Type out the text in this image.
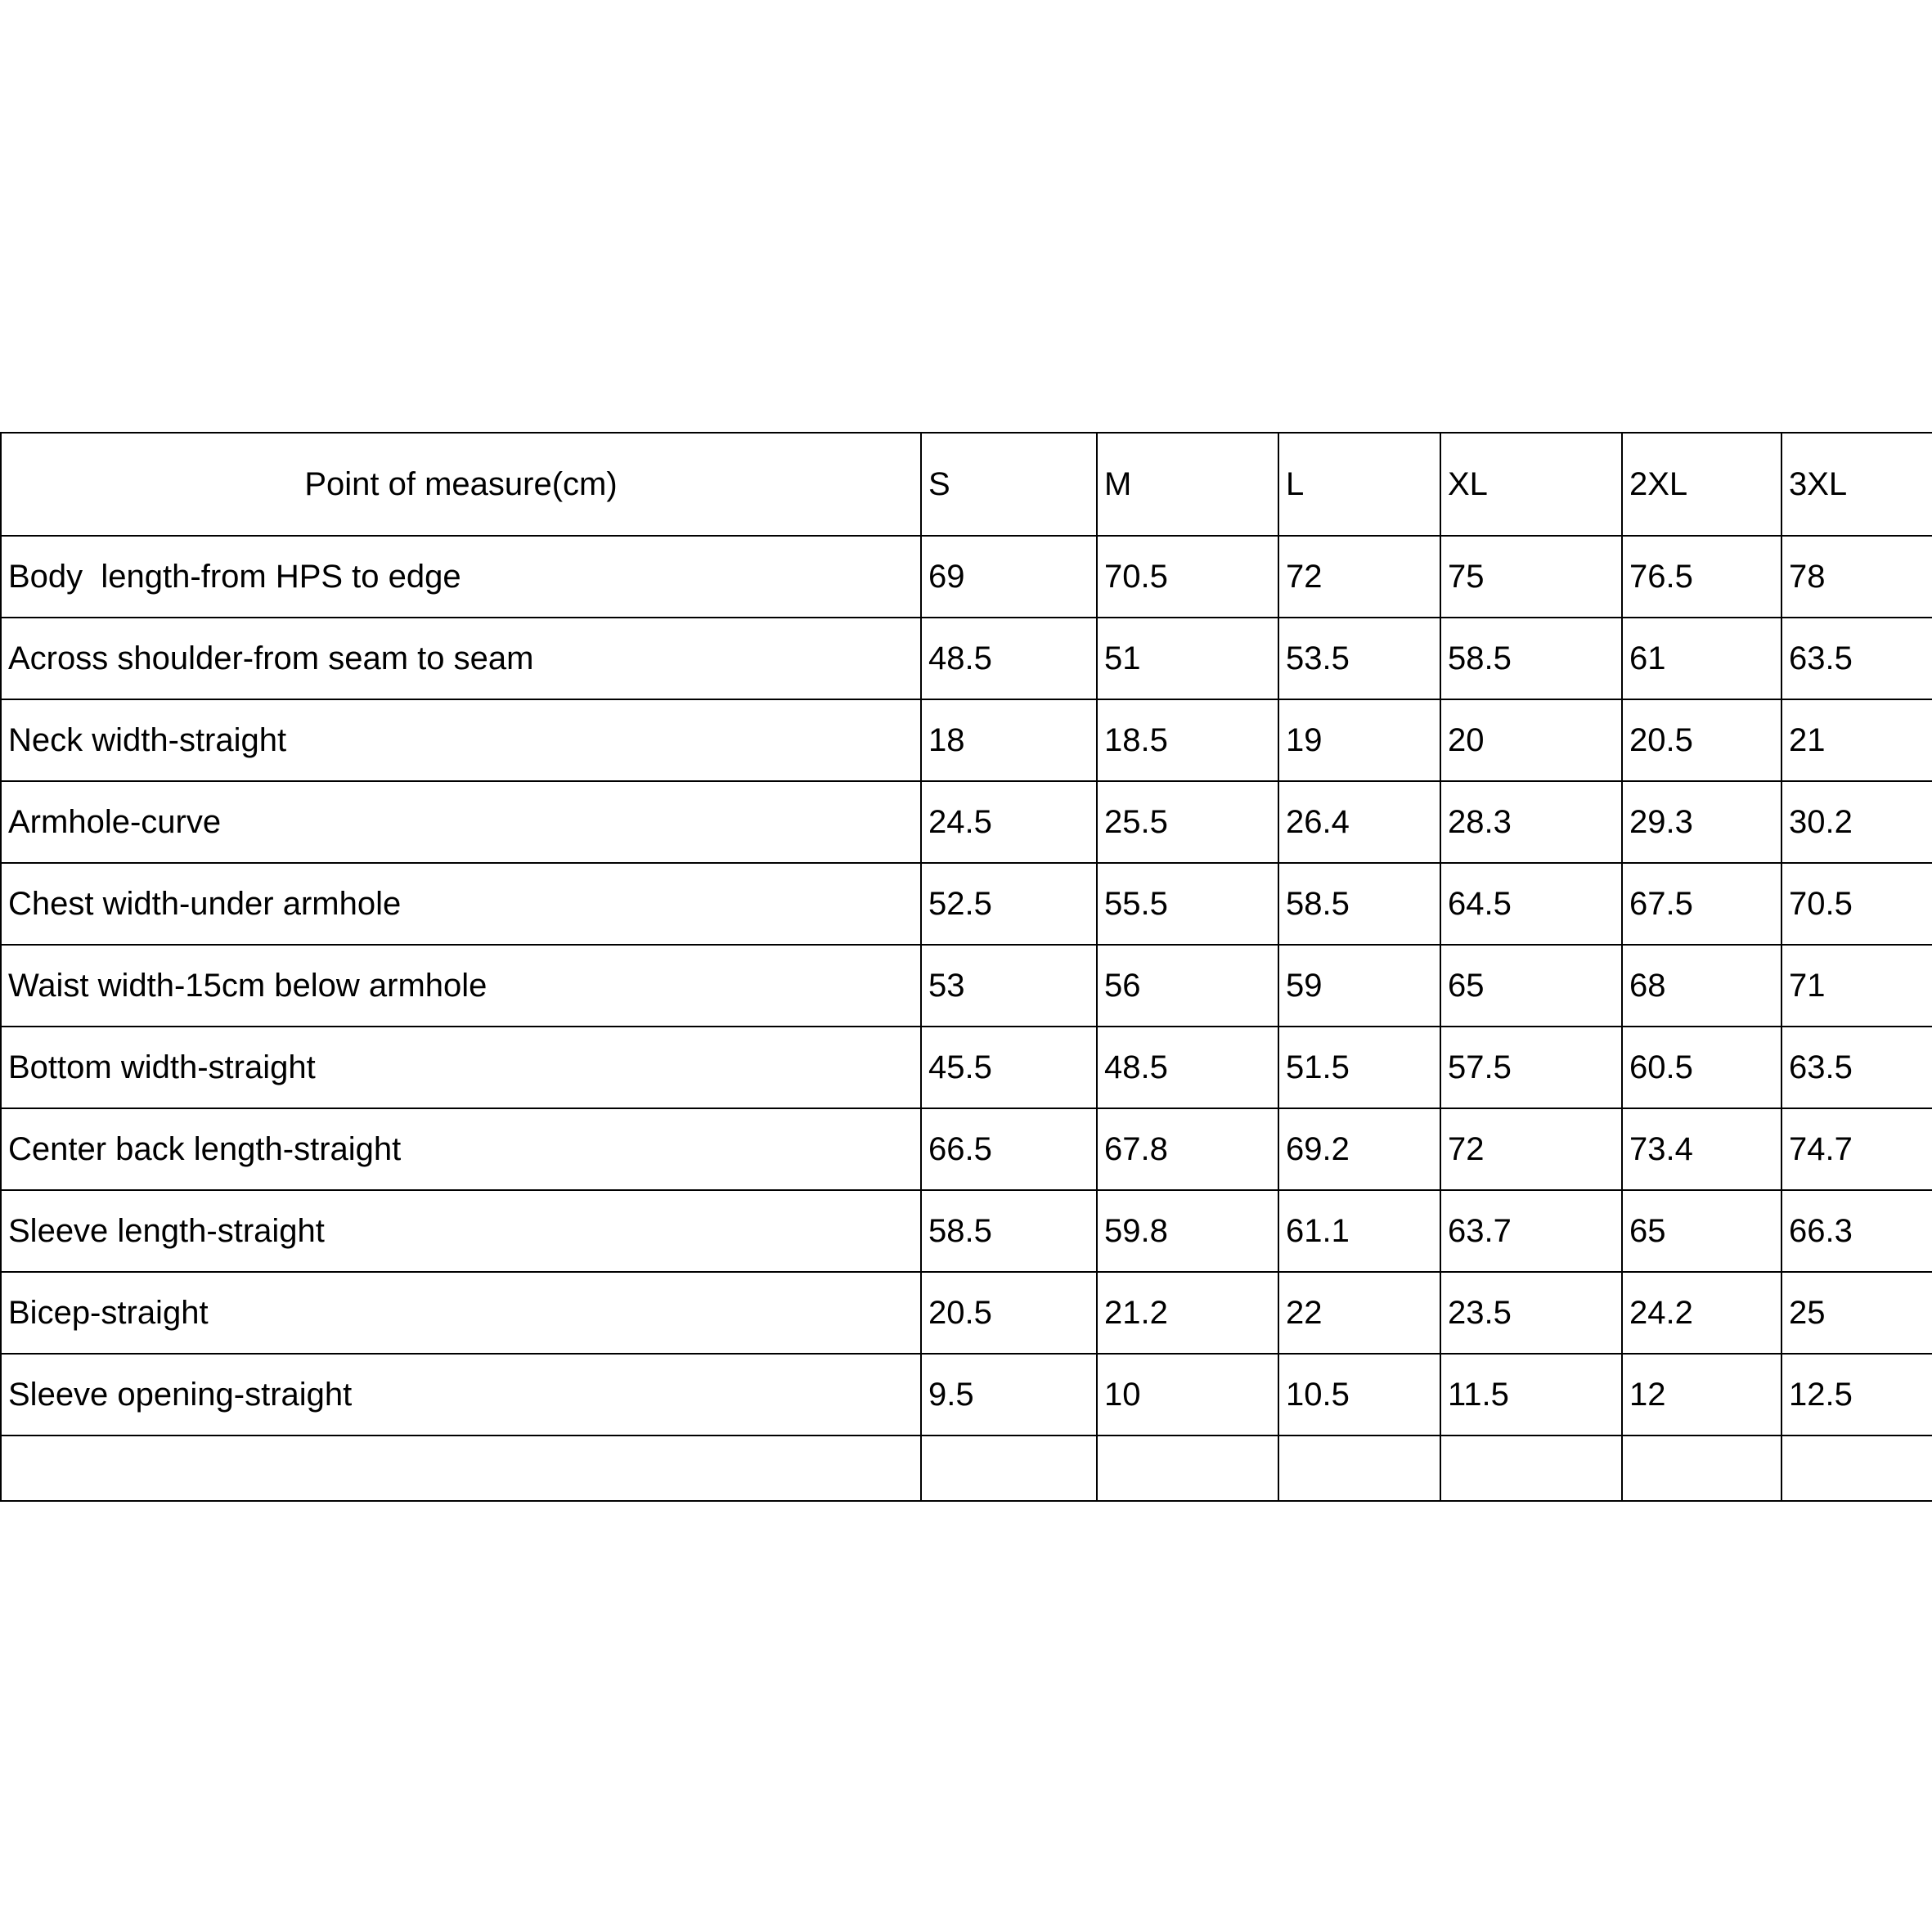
Point of measure(cm)	S	M	L	XL	2XL	3XL
Body  length-from HPS to edge	69	70.5	72	75	76.5	78
Across shoulder-from seam to seam	48.5	51	53.5	58.5	61	63.5
Neck width-straight	18	18.5	19	20	20.5	21
Armhole-curve	24.5	25.5	26.4	28.3	29.3	30.2
Chest width-under armhole	52.5	55.5	58.5	64.5	67.5	70.5
Waist width-15cm below armhole	53	56	59	65	68	71
Bottom width-straight	45.5	48.5	51.5	57.5	60.5	63.5
Center back length-straight	66.5	67.8	69.2	72	73.4	74.7
Sleeve length-straight	58.5	59.8	61.1	63.7	65	66.3
Bicep-straight	20.5	21.2	22	23.5	24.2	25
Sleeve opening-straight	9.5	10	10.5	11.5	12	12.5
